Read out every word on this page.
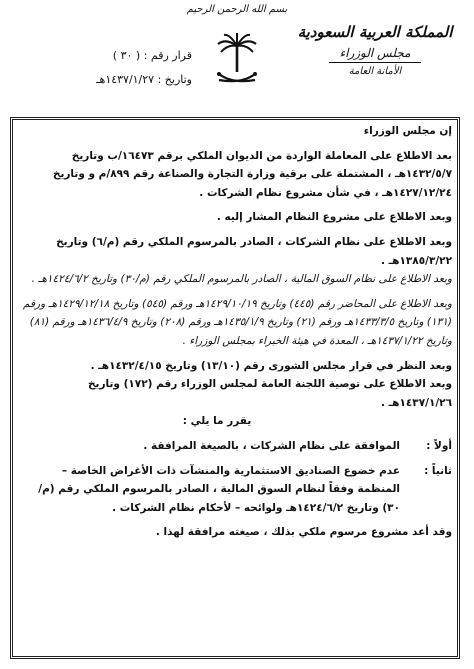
بسم الله الرحمن الرحيم
المملكة العربية السعودية
مجلس الوزراء
الأمانة العامة
قرار رقم : ( ٣٠ )
وتاريخ : ١٤٣٧/١/٢٧هـ

إن مجلس الوزراء

بعد الاطلاع على المعاملة الواردة من الديوان الملكي برقم ١٦٤٧٣/ب وتاريخ ١٤٣٢/٥/٧هـ ، المشتملة على برقية وزارة التجارة والصناعة رقم ٨٩٩/م و وتاريخ ١٤٢٧/١٢/٢٤هـ ، في شأن مشروع نظام الشركات .

وبعد الاطلاع على مشروع النظام المشار إليه .

وبعد الاطلاع على نظام الشركات ، الصادر بالمرسوم الملكي رقم (م/٦) وتاريخ ١٣٨٥/٣/٢٢هـ .

وبعد الاطلاع على نظام السوق المالية ، الصادر بالمرسوم الملكي رقم (م/٣٠) وتاريخ ١٤٢٤/٦/٢هـ .

وبعد الاطلاع على المحاضر رقم (٤٤٥) وتاريخ ١٤٢٩/١٠/١٩هـ ورقم (٥٤٥) وتاريخ ١٤٢٩/١٢/١٨هـ ورقم (١٣١) وتاريخ ١٤٣٣/٣/٥هـ ورقم (٢١) وتاريخ ١٤٣٥/١/٩هـ ورقم (٢٠٨) وتاريخ ١٤٣٦/٤/٩هـ ورقم (٨١) وتاريخ ١٤٣٧/١/٢٢هـ ، المعدة في هيئة الخبراء بمجلس الوزراء .

وبعد النظر في قرار مجلس الشورى رقم (١٣/١٠) وتاريخ ١٤٣٢/٤/١٥هـ .

وبعد الاطلاع على توصية اللجنة العامة لمجلس الوزراء رقم (١٧٢) وتاريخ ١٤٣٧/١/٢٦هـ .

يقرر ما يلي :

أولاً :
الموافقة على نظام الشركات ، بالصيغة المرافقة .
ثانياً :
عدم خضوع الصناديق الاستثمارية والمنشآت ذات الأغراض الخاصة – المنظمة وفقاً لنظام السوق المالية ، الصادر بالمرسوم الملكي رقم (م/٣٠) وتاريخ ١٤٢٤/٦/٢هـ ولوائحه – لأحكام نظام الشركات .

وقد أعد مشروع مرسوم ملكي بذلك ، صيغته مرافقة لهذا .
